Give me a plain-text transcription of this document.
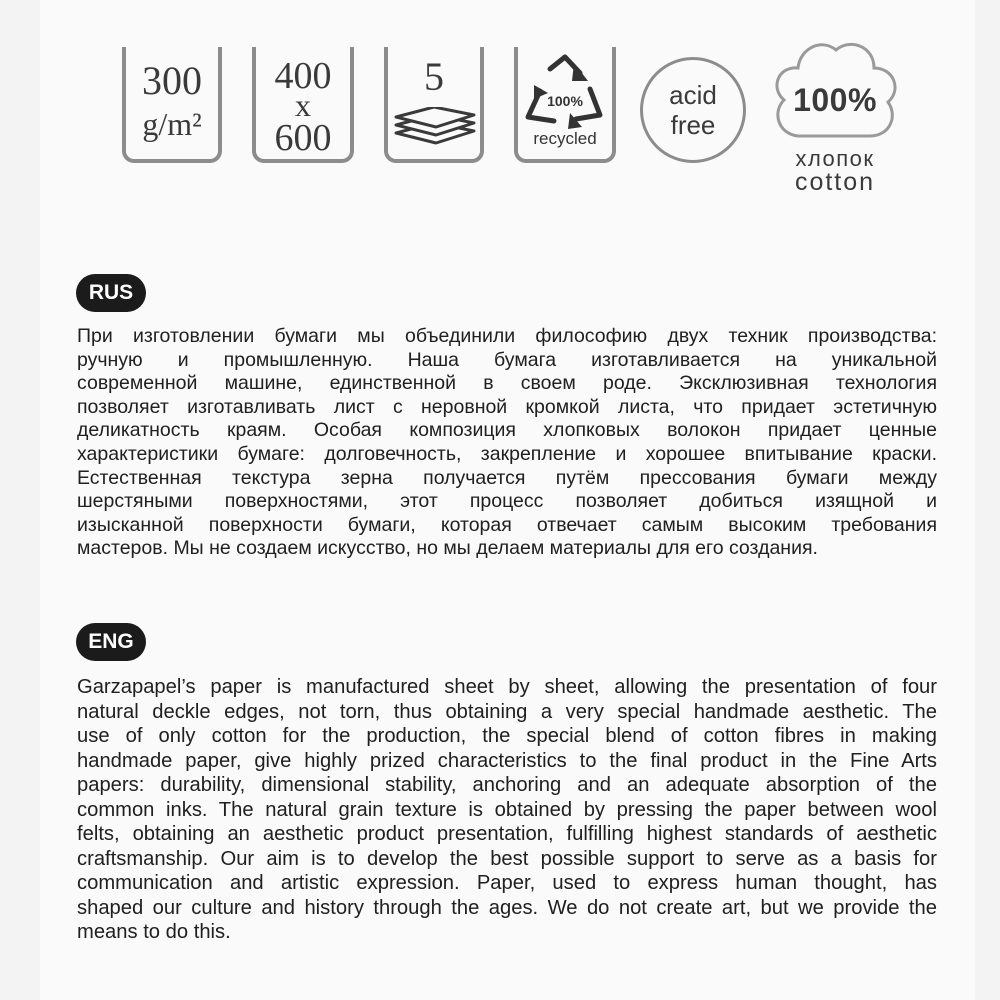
300
g/m²
400
x
600
5
100%
recycled
acid
free
100%
хлопок
cotton
RUS
При изготовлении бумаги мы объединили философию двух техник производства:
ручную и промышленную. Наша бумага изготавливается на уникальной
современной машине, единственной в своем роде. Эксклюзивная технология
позволяет изготавливать лист с неровной кромкой листа, что придает эстетичную
деликатность краям. Особая композиция хлопковых волокон придает ценные
характеристики бумаге: долговечность, закрепление и хорошее впитывание краски.
Естественная текстура зерна получается путём прессования бумаги между
шерстяными поверхностями, этот процесс позволяет добиться изящной и
изысканной поверхности бумаги, которая отвечает самым высоким требования
мастеров. Мы не создаем искусство, но мы делаем материалы для его создания.
ENG
Garzapapel’s paper is manufactured sheet by sheet, allowing the presentation of four
natural deckle edges, not torn, thus obtaining a very special handmade aesthetic. The
use of only cotton for the production, the special blend of cotton fibres in making
handmade paper, give highly prized characteristics to the final product in the Fine Arts
papers: durability, dimensional stability, anchoring and an adequate absorption of the
common inks. The natural grain texture is obtained by pressing the paper between wool
felts, obtaining an aesthetic product presentation, fulfilling highest standards of aesthetic
craftsmanship. Our aim is to develop the best possible support to serve as a basis for
communication and artistic expression. Paper, used to express human thought, has
shaped our culture and history through the ages. We do not create art, but we provide the
means to do this.
